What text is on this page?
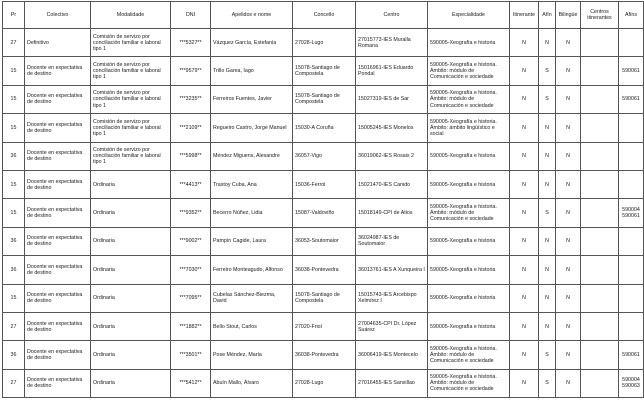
Pr	Colectivo	Modalidade	DNI	Apelidos e nome	Concello	Centro	Especialidade	Itinerante	Afín	Bilingüe	Centros itinerantes	Afíns
27	Definitivo	Comisión de servizo por conciliación familiar e laboral tipo 1	***5327**	Vázquez García, Estefanía	27028-Lugo	27015773-IES Muralla Romana	590005-Xeografía e historia	N	N	N		
15	Docente en expectativa de destino	Comisión de servizo por conciliación familiar e laboral tipo 1	***9579**	Trillo Garea, Iago	15078-Santiago de Compostela	15016961-IES Eduardo Pondal	590005-Xeografía e historia. Ámbito: módulo de Comunicación e sociedade	N	S	N		590061
15	Docente en expectativa de destino	Comisión de servizo por conciliación familiar e laboral tipo 1	***3235**	Ferreiros Fuentes, Javier	15078-Santiago de Compostela	15027319-IES de Sar	590005-Xeografía e historia. Ámbito: módulo de Comunicación e sociedade	N	S	N		590061
15	Docente en expectativa de destino	Comisión de servizo por conciliación familiar e laboral tipo 1	***2109**	Regueiro Castro, Jorge Manuel	15030-A Coruña	15005245-IES Monelos	590005-Xeografía e historia. Ámbito: ámbito lingüístico e social	N	N	N		
36	Docente en expectativa de destino	Comisión de servizo por conciliación familiar e laboral tipo 1	***5998**	Méndez Miguens, Alexandre	36057-Vigo	36019062-IES Rosais 2	590005-Xeografía e historia	N	N	N		
15	Docente en expectativa de destino	Ordinaria	***4413**	Trastoy Cuba, Ana	15036-Ferrol	15021470-IES Canido	590005-Xeografía e historia	N	N	N		
15	Docente en expectativa de destino	Ordinaria	***9352**	Becerro Núñez, Lidia	15087-Valdoviño	15018149-CPI de Atios	590005-Xeografía e historia. Ámbito: módulo de Comunicación e sociedade	N	S	N		590004 590061
36	Docente en expectativa de destino	Ordinaria	***9002**	Pampín Cagide, Laura	36053-Soutomaior	36024987-IES de Soutomaior	590005-Xeografía e historia	N	N	N		
36	Docente en expectativa de destino	Ordinaria	***7030**	Ferreiro Monteagudo, Alfonso	36038-Pontevedra	36013761-IES A Xunqueira I	590005-Xeografía e historia	N	N	N		
15	Docente en expectativa de destino	Ordinaria	***7095**	Cubelas Sánchez-Biezma, David	15078-Santiago de Compostela	15015743-IES Arcebispo Xelmírez I	590005-Xeografía e historia	N	N	N		
27	Docente en expectativa de destino	Ordinaria	***1882**	Bello Stout, Carlos	27020-Friol	27004635-CPI Dr. López Suárez	590005-Xeografía e historia	N	N	N		
36	Docente en expectativa de destino	Ordinaria	***3501**	Pose Méndez, María	36038-Pontevedra	36006419-IES Montecelo	590005-Xeografía e historia. Ámbito: módulo de Comunicación e sociedade	N	S	N		590061
27	Docente en expectativa de destino	Ordinaria	***5412**	Abuín Mallo, Álvaro	27028-Lugo	27016455-IES Sanxillao	590005-Xeografía e historia. Ámbito: módulo de Comunicación e sociedade	N	S	N		590004 590063
